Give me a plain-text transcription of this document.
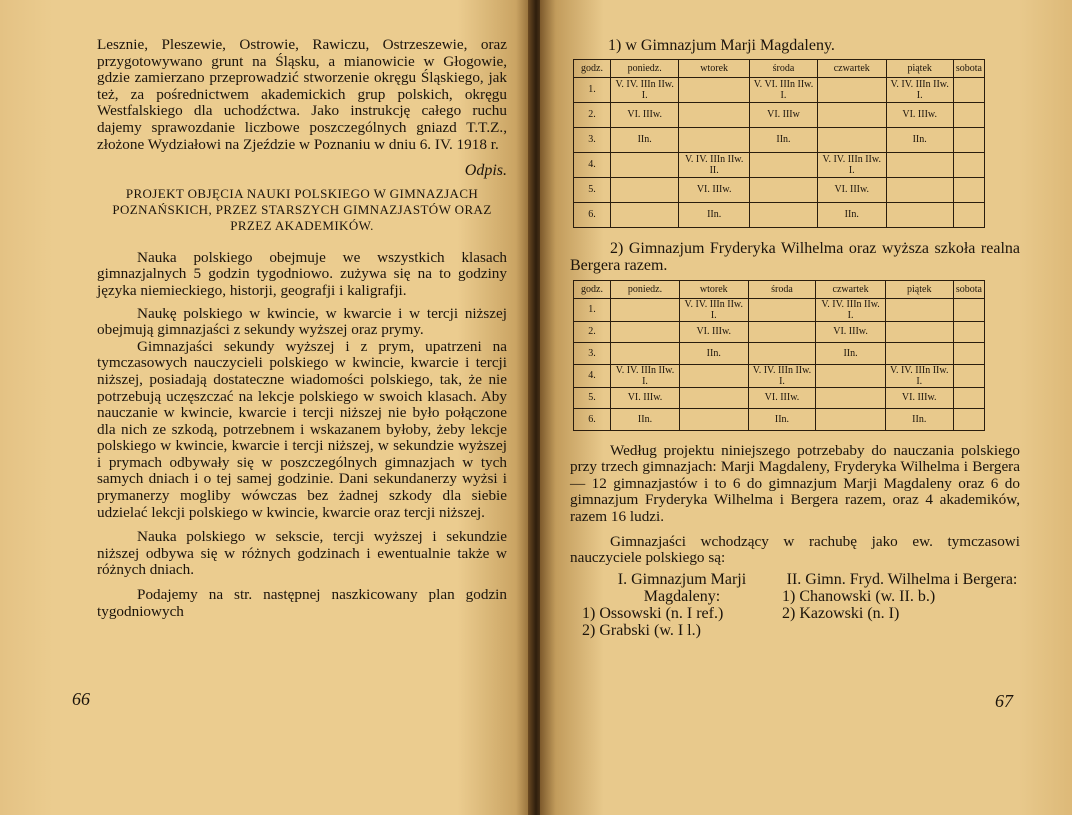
Lesznie, Pleszewie, Ostrowie, Rawiczu, Ostrzeszewie, oraz przygotowywano grunt na Śląsku, a mianowicie w Głogowie, gdzie zamierzano przeprowadzić stworzenie okręgu Śląskiego, jak też, za pośrednictwem akademickich grup polskich, okręgu Westfalskiego dla uchodźctwa. Jako instrukcję całego ruchu dajemy sprawozdanie liczbowe poszczególnych gniazd T.T.Z., złożone Wydziałowi na Zjeździe w Poznaniu w dniu 6. IV. 1918 r.

Odpis.

PROJEKT OBJĘCIA NAUKI POLSKIEGO W GIMNAZJACH POZNAŃSKICH, PRZEZ STARSZYCH GIMNAZJASTÓW ORAZ PRZEZ AKADEMIKÓW.

Nauka polskiego obejmuje we wszystkich klasach gimnazjalnych 5 godzin tygodniowo. zużywa się na to godziny języka niemieckiego, historji, geografji i kaligrafji.

Naukę polskiego w kwincie, w kwarcie i w tercji niższej obejmują gimnazjaści z sekundy wyższej oraz prymy.

Gimnazjaści sekundy wyższej i z prym, upatrzeni na tymczasowych nauczycieli polskiego w kwincie, kwarcie i tercji niższej, posiadają dostateczne wiadomości polskiego, tak, że nie potrzebują uczęszczać na lekcje polskiego w swoich klasach. Aby nauczanie w kwincie, kwarcie i tercji niższej nie było połączone dla nich ze szkodą, potrzebnem i wskazanem byłoby, żeby lekcje polskiego w kwincie, kwarcie i tercji niższej, w sekundzie wyższej i prymach odbywały się w poszczególnych gimnazjach w tych samych dniach i o tej samej godzinie. Dani sekundanerzy wyżsi i prymanerzy mogliby wówczas bez żadnej szkody dla siebie udzielać lekcji polskiego w kwincie, kwarcie oraz tercji niższej.

Nauka polskiego w sekscie, tercji wyższej i sekundzie niższej odbywa się w różnych godzinach i ewentualnie także w różnych dniach.

Podajemy na str. następnej naszkicowany plan godzin tygodniowych

66
1) w Gimnazjum Marji Magdaleny.
godz.	poniedz.	wtorek	środa	czwartek	piątek	sobota
1.	V. IV. IIIn IIw. I.		V. VI. IIIn IIw. I.		V. IV. IIIn IIw. I.	
2.	VI. IIIw.		VI. IIIw		VI. IIIw.	
3.	IIn.		IIn.		IIn.	
4.		V. IV. IIIn IIw. II.		V. IV. IIIn IIw. I.		
5.		VI. IIIw.		VI. IIIw.		
6.		IIn.		IIn.		

2) Gimnazjum Fryderyka Wilhelma oraz wyższa szkoła realna Bergera razem.

godz.	poniedz.	wtorek	środa	czwartek	piątek	sobota
1.		V. IV. IIIn IIw. I.		V. IV. IIIn IIw. I.		
2.		VI. IIIw.		VI. IIIw.		
3.		IIn.		IIn.		
4.	V. IV. IIIn IIw. I.		V. IV. IIIn IIw. I.		V. IV. IIIn IIw. I.	
5.	VI. IIIw.		VI. IIIw.		VI. IIIw.	
6.	IIn.		IIn.		IIn.	

Według projektu niniejszego potrzebaby do nauczania polskiego przy trzech gimnazjach: Marji Magdaleny, Fryderyka Wilhelma i Bergera — 12 gimnazjastów i to 6 do gimnazjum Marji Magdaleny oraz 6 do gimnazjum Fryderyka Wilhelma i Bergera razem, oraz 4 akademików, razem 16 ludzi.

Gimnazjaści wchodzący w rachubę jako ew. tymczasowi nauczyciele polskiego są:

I. Gimnazjum Marji Magdaleny:
1) Ossowski (n. I ref.)
2) Grabski (w. I l.)
II. Gimn. Fryd. Wilhelma i Bergera:
1) Chanowski (w. II. b.)
2) Kazowski (n. I)
67
